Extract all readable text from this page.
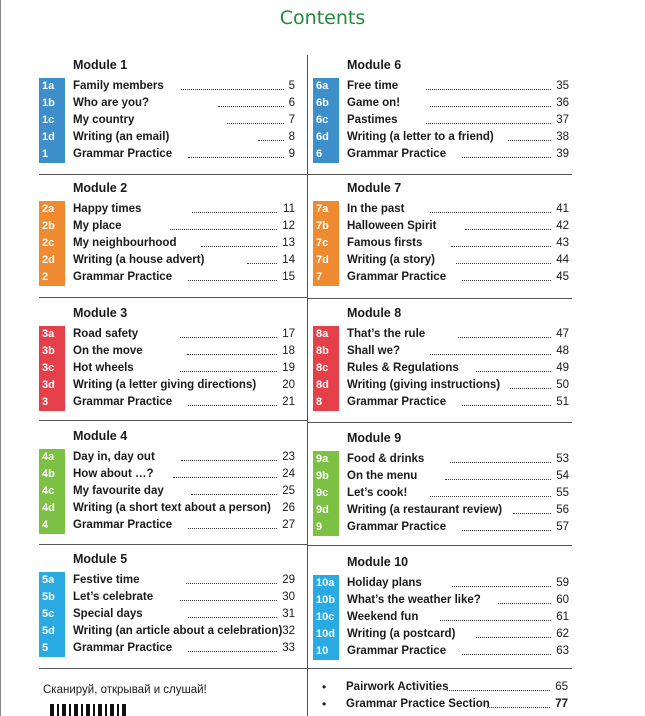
Contents
Module 1
1a	Family members	5
1b	Who are you?	6
1c	My country	7
1d	Writing (an email)	8
1	Grammar Practice	9
Module 2
2a	Happy times	11
2b	My place	12
2c	My neighbourhood	13
2d	Writing (a house advert)	14
2	Grammar Practice	15
Module 3
3a	Road safety	17
3b	On the move	18
3c	Hot wheels	19
3d	Writing (a letter giving directions) 20
3	Grammar Practice	21
Module 4
4a	Day in, day out	23
4b	How about …?	24
4c	My favourite day	25
4d	Writing (a short text about a person) 26
4	Grammar Practice	27
Module 5
5a	Festive time	29
5b	Let’s celebrate	30
5c	Special days	31
5d	Writing (an article about a celebration) 32
5	Grammar Practice	33
Module 6
6a	Free time	35
6b	Game on!	36
6c	Pastimes	37
6d	Writing (a letter to a friend)	38
6	Grammar Practice	39
Module 7
7a	In the past	41
7b	Halloween Spirit	42
7c	Famous firsts	43
7d	Writing (a story)	44
7	Grammar Practice	45
Module 8
8a	That’s the rule	47
8b	Shall we?	48
8c	Rules & Regulations	49
8d	Writing (giving instructions)	50
8	Grammar Practice	51
Module 9
9a	Food & drinks	53
9b	On the menu	54
9c	Let’s cook!	55
9d	Writing (a restaurant review)	56
9	Grammar Practice	57
Module 10
10a	Holiday plans	59
10b	What’s the weather like?	60
10c	Weekend fun	61
10d	Writing (a postcard)	62
10	Grammar Practice	63
• Pairwork Activities	65
• Grammar Practice Section	77
Сканируй, открывай и слушай!
